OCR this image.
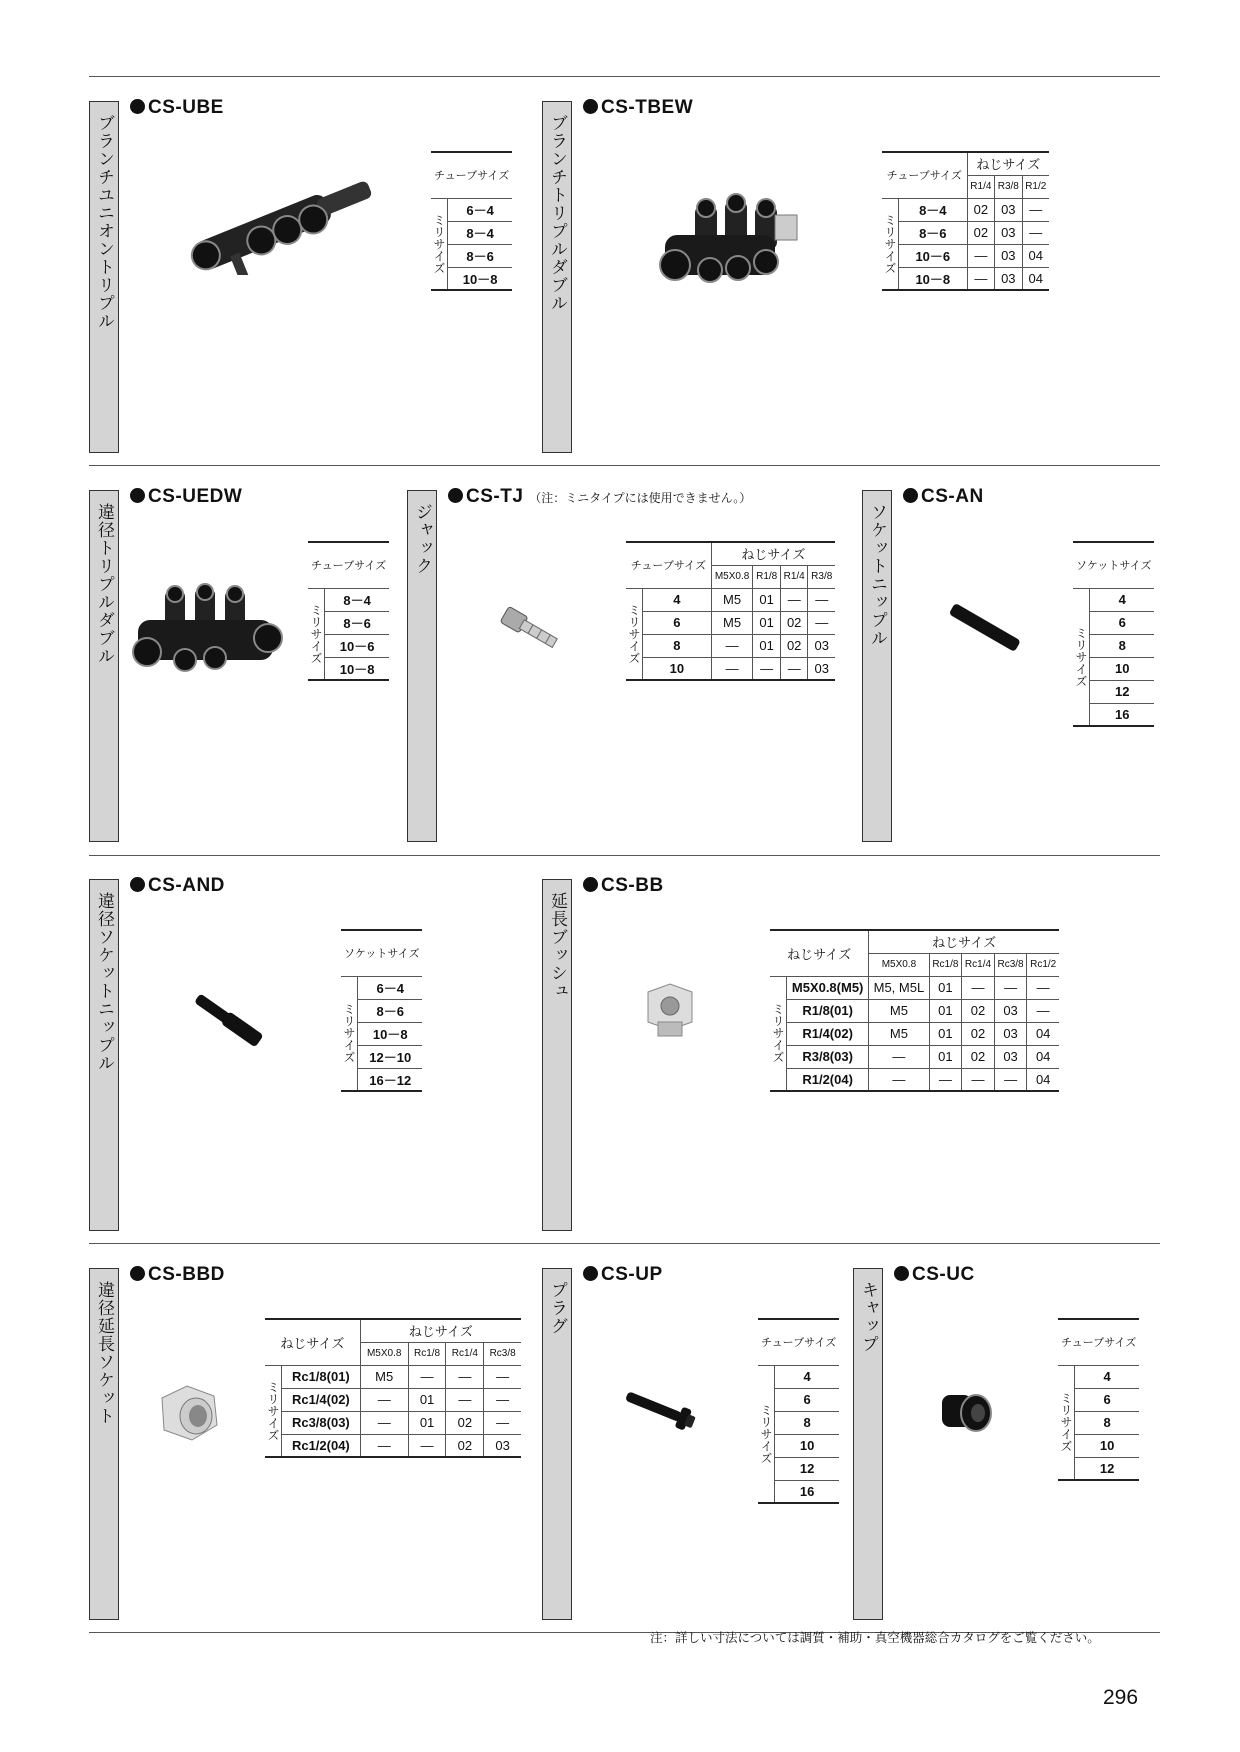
ブランチユニオントリプル
CS-UBE
チューブサイズ
ミリサイズ	6－4
8－4
8－6
10－8	ブランチトリプルダブル
CS-TBEW
チューブサイズ		ねじサイズ		
		R1/4	R3/8	R1/2
ミリサイズ	8－4	02	03	—
	8－6	02	03	—
	10－6	—	03	04
	10－8	—	03	04
違径トリプルダブル
CS-UEDW
チューブサイズ
ミリサイズ	8－4
8－6
10－6
10－8
ジャック
CS-TJ （注：ミニタイプには使用できません。）
チューブサイズ		ねじサイズ			
		M5X0.8	R1/8	R1/4	R3/8
ミリサイズ	4	M5	01	—	—
	6	M5	01	02	—
	8	—	01	02	03
	10	—	—	—	03
ソケットニップル
CS-AN
ソケットサイズ
ミリサイズ	4
6
8
10
12
16
違径ソケットニップル
CS-AND
ソケットサイズ
ミリサイズ	6－4
8－6
10－8
12－10
16－12
延長ブッシュ
CS-BB
ねじサイズ		ねじサイズ				
		M5X0.8	Rc1/8	Rc1/4	Rc3/8	Rc1/2
ミリサイズ	M5X0.8(M5)	M5, M5L	01	—	—	—
	R1/8(01)	M5	01	02	03	—
	R1/4(02)	M5	01	02	03	04
	R3/8(03)	—	01	02	03	04
	R1/2(04)	—	—	—	—	04
違径延長ソケット
CS-BBD
ねじサイズ		ねじサイズ			
		M5X0.8	Rc1/8	Rc1/4	Rc3/8
ミリサイズ	Rc1/8(01)	M5	—	—	—
	Rc1/4(02)	—	01	—	—
	Rc3/8(03)	—	01	02	—
	Rc1/2(04)	—	—	02	03
プラグ
CS-UP
チューブサイズ
ミリサイズ	4
6
8
10
12
16
キャップ
CS-UC
チューブサイズ
ミリサイズ	4
6
8
10
12
注：詳しい寸法については調質・補助・真空機器総合カタログをご覧ください。
296
